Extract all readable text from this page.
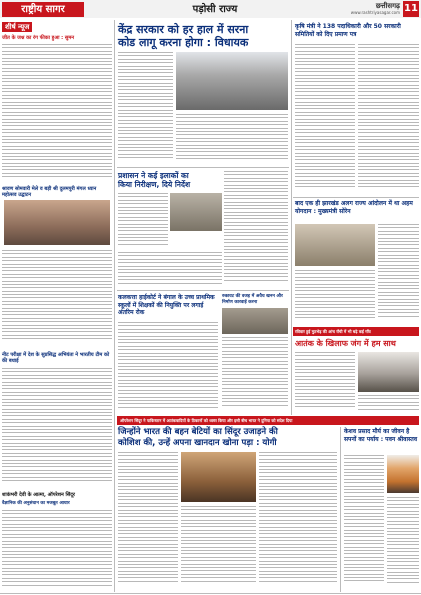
राष्ट्रीय सागर	पड़ोसी राज्य	छत्तीसगढ़
www.rashtriyasagar.com 11
शीर्ष न्यूज
जीत के जश्न का रंग फीका हुआ : सुमन
श्रावण सोमवारी मेले व बड़ी श्री दुलमपुरी मंगल ध्यान महोत्सव उद्घाटन
नीट परीक्षा में देश के सुप्रसिद्ध अभियंता ने भारतीय टीम को की बधाई
शाकंभरी देवी के आत्मा, ऑपरेशन सिंदूर
वैज्ञानिक की अनुसंधान का मजबूत आधार
केंद्र सरकार को हर हाल में सरना
कोड लागू करना होगा : विधायक
प्रशासन ने कई इलाकों का
किया निरीक्षण, दिये निर्देश
कलकत्ता हाईकोर्ट ने बंगाल के उच्च प्राथमिक स्कूलों में शिक्षकों की नियुक्ति पर लगाई अंतरिम रोक
रुकावट की वजह में अवैध खनन और निर्माण कारवाई करना
कृषि मंत्री ने 138 पदाधिकारी और 50 सरकारी समितियों को दिए प्रमाण पत्र
बाद एक ही झारखंड अलग राज्य आंदोलन में था अहम योगदान : मुख्यमंत्री सोरेन
रविवार हुई मुठभेड़ की आंच राँची में भी बढ़े कई गाँव
आतंक के खिलाफ जंग में हम साथ
ऑपरेशन सिंदूर ने पाकिस्तान में आतंकवादियों के ठिकानों को ध्वस्त किया और इसी बीच भारत ने दुनिया को संदेश दिया
जिन्होंने भारत की बहन बेटियों का सिंदूर उजाड़ने की
कोशिश की, उन्हें अपना खानदान खोना पड़ा : योगी
केशव प्रसाद मौर्य का जीवन है सपनों का पर्याय : पवन श्रीवास्तव
